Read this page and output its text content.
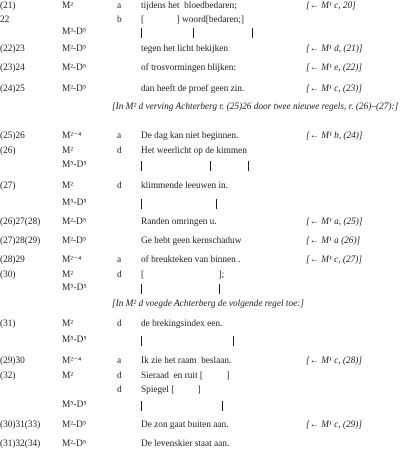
(21)	M²	a tijdens het  bloedbedaren;	[← M¹ c, 20]
22	b [              ] woord[bedaren;]
M³-D⁵
(22)23	M²-D⁵	tegen het licht bekijken	[← M¹ d, (21)]
(23)24	M²-D⁵	of trosvormingen blijken:	[← M¹ e, (22)]
(24)25	M²-D⁵	dan heeft de proef geen zin.	[← M¹ c, (23)]
(25)26	M²⁻⁴	a De dag kan niet beginnen.	[← M¹ b, (24)]
(26)	M²	d Het weerlicht op de kimmen
M⁵-D⁵
(27)	M²	d klimmende leeuwen in.
M⁵-D⁵
(26)27(28) M²-D⁵	Randen omringen u.	[← M¹ a, (25)]
(27)28(29) M²-D⁵	Ge hebt geen kernschaduw	[← M¹ a (26)]
(28)29	M²⁻⁴	a of breukteken van binnen .	[← M¹ c, (27)]
(30)	M²	d [                                ];
M⁵-D⁵
(31)	M²	d de brekingsindex een.
M⁵-D⁵
(29)30	M²⁻⁴	a Ik zie het raam  beslaan.	[← M¹ c, (28)]
(32)	M²	d Sieraad  en ruit [          ]
d Spiegel [          ]
M⁵-D⁵
(30)31(33) M²-D⁵	De zon gaat buiten aan.	[← M¹ c, (29)]
(31)32(34) M²-D⁵	De levenskier staat aan.
[In M² d verving Achterberg r. (25)26 door twee nieuwe regels, r. (26)–(27):]
[In M² d voegde Achterberg de volgende regel toe:]
